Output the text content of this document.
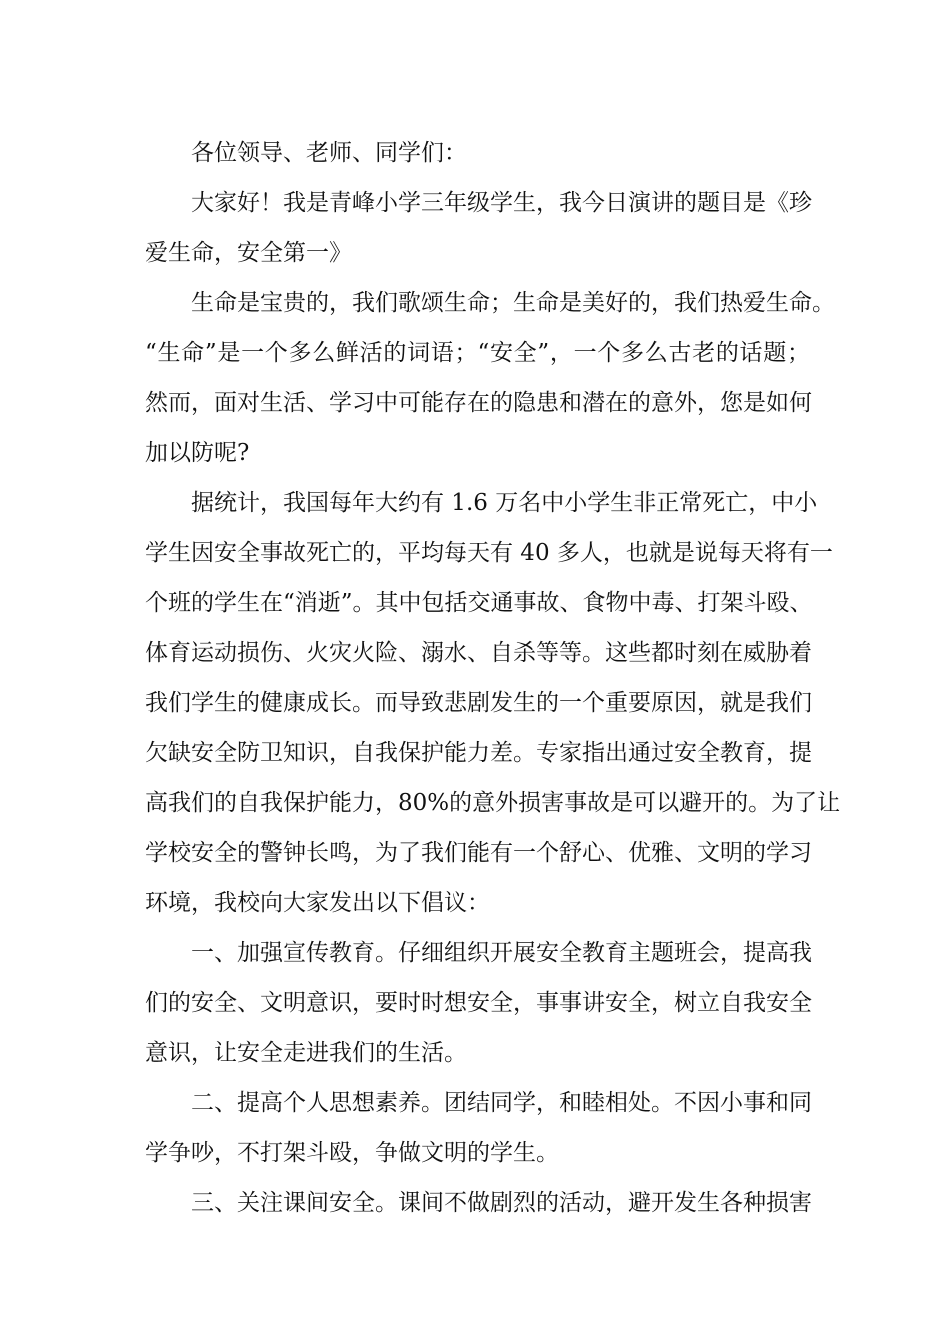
各位领导、老师、同学们：
大家好！我是青峰小学三年级学生，我今日演讲的题目是《珍
爱生命，安全第一》
生命是宝贵的，我们歌颂生命；生命是美好的，我们热爱生命。
“生命”是一个多么鲜活的词语；“安全”，一个多么古老的话题；
然而，面对生活、学习中可能存在的隐患和潜在的意外，您是如何
加以防呢?
据统计，我国每年大约有 1.6 万名中小学生非正常死亡，中小
学生因安全事故死亡的，平均每天有 40 多人，也就是说每天将有一
个班的学生在“消逝”。其中包括交通事故、食物中毒、打架斗殴、
体育运动损伤、火灾火险、溺水、自杀等等。这些都时刻在威胁着
我们学生的健康成长。而导致悲剧发生的一个重要原因，就是我们
欠缺安全防卫知识，自我保护能力差。专家指出通过安全教育，提
高我们的自我保护能力，80%的意外损害事故是可以避开的。为了让
学校安全的警钟长鸣，为了我们能有一个舒心、优雅、文明的学习
环境，我校向大家发出以下倡议：
一、加强宣传教育。仔细组织开展安全教育主题班会，提高我
们的安全、文明意识，要时时想安全，事事讲安全，树立自我安全
意识，让安全走进我们的生活。
二、提高个人思想素养。团结同学，和睦相处。不因小事和同
学争吵，不打架斗殴，争做文明的学生。
三、关注课间安全。课间不做剧烈的活动，避开发生各种损害
